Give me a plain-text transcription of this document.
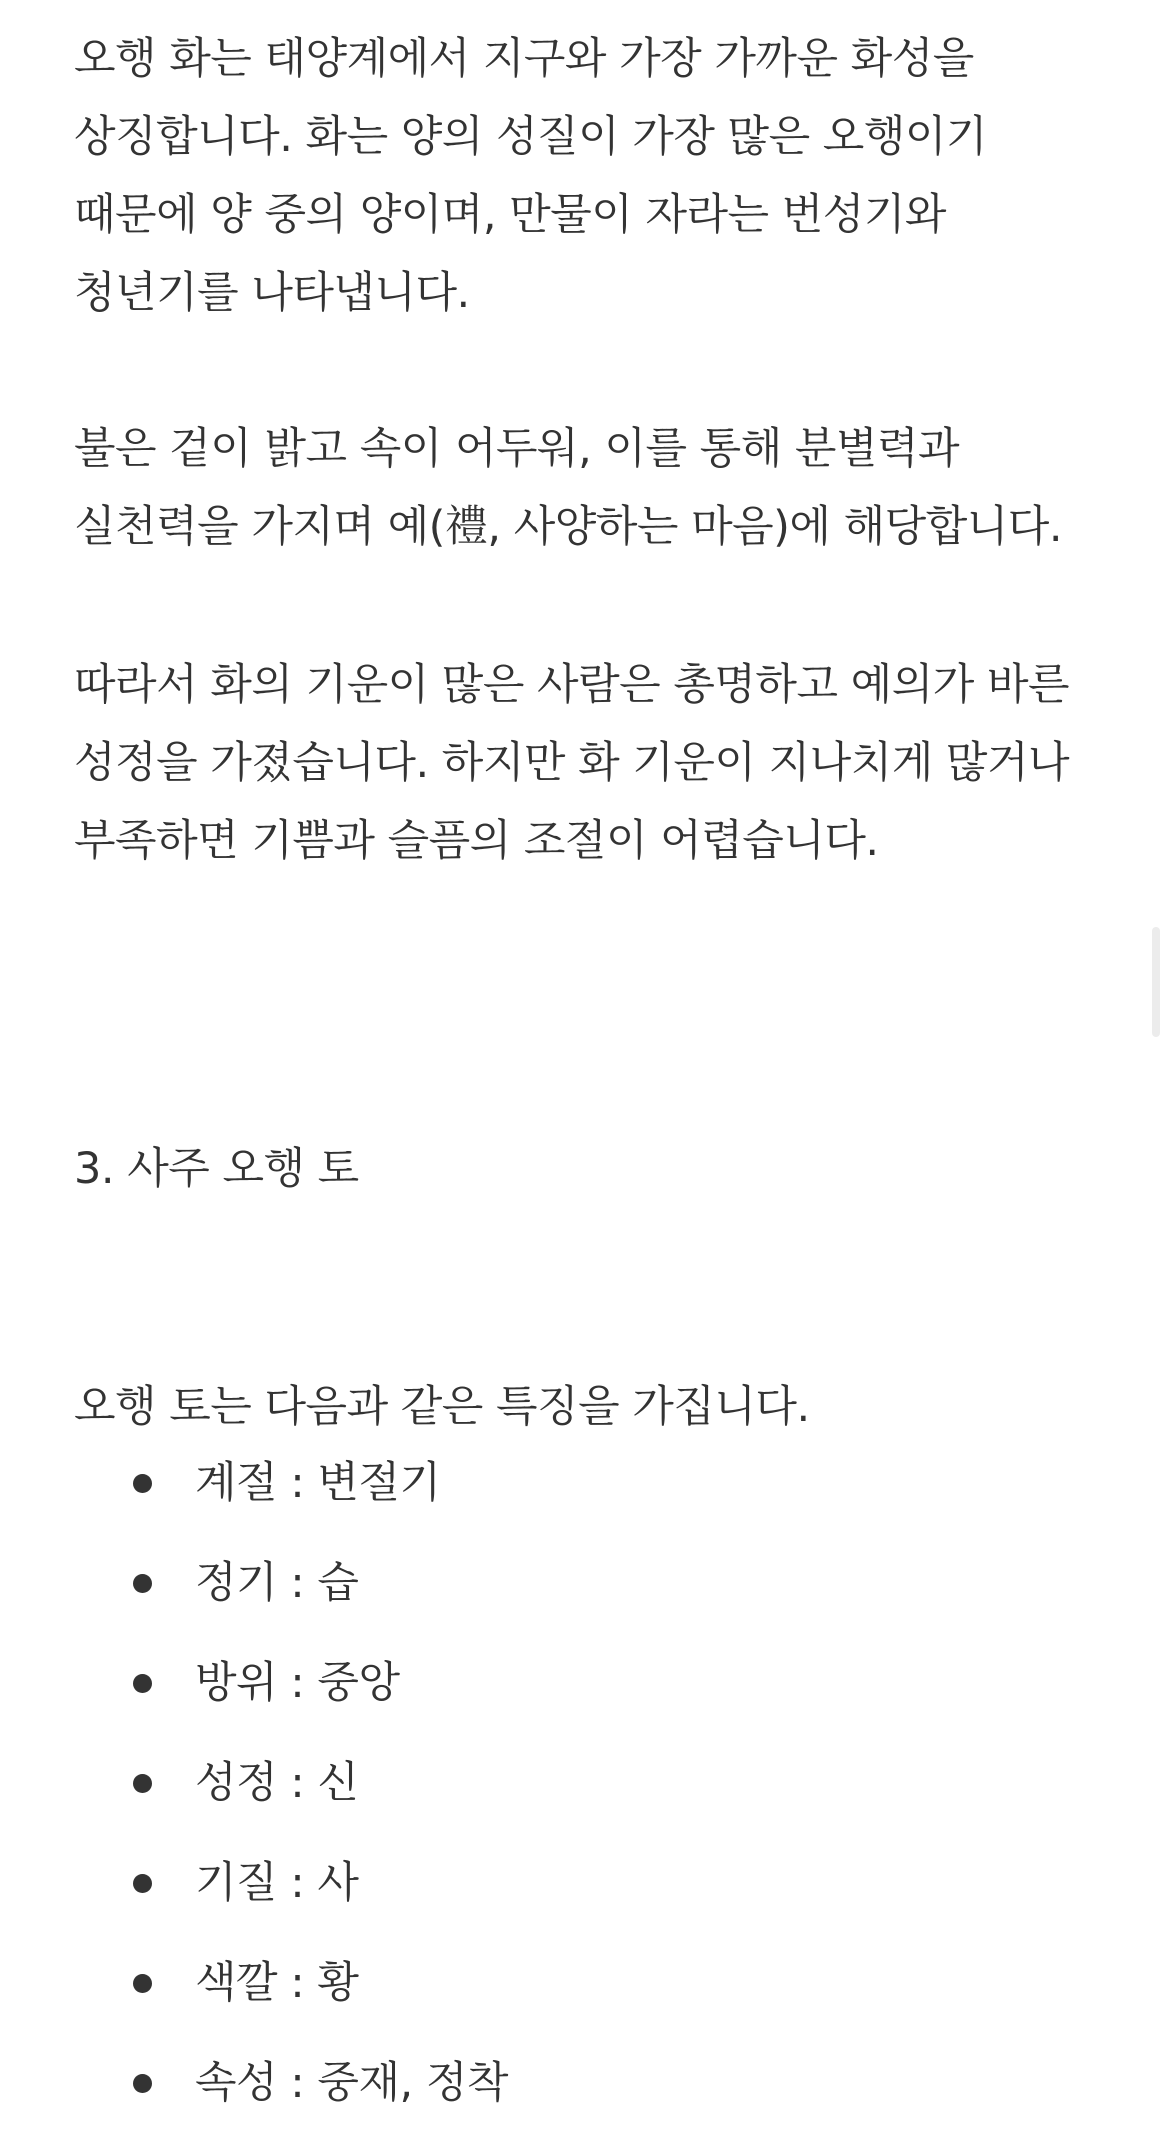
오행 화는 태양계에서 지구와 가장 가까운 화성을 상징합니다. 화는 양의 성질이 가장 많은 오행이기 때문에 양 중의 양이며, 만물이 자라는 번성기와 청년기를 나타냅니다.

불은 겉이 밝고 속이 어두워, 이를 통해 분별력과 실천력을 가지며 예(禮, 사양하는 마음)에 해당합니다.

따라서 화의 기운이 많은 사람은 총명하고 예의가 바른 성정을 가졌습니다. 하지만 화 기운이 지나치게 많거나 부족하면 기쁨과 슬픔의 조절이 어렵습니다.

3. 사주 오행 토

오행 토는 다음과 같은 특징을 가집니다.

계절 : 변절기
정기 : 습
방위 : 중앙
성정 : 신
기질 : 사
색깔 : 황
속성 : 중재, 정착
